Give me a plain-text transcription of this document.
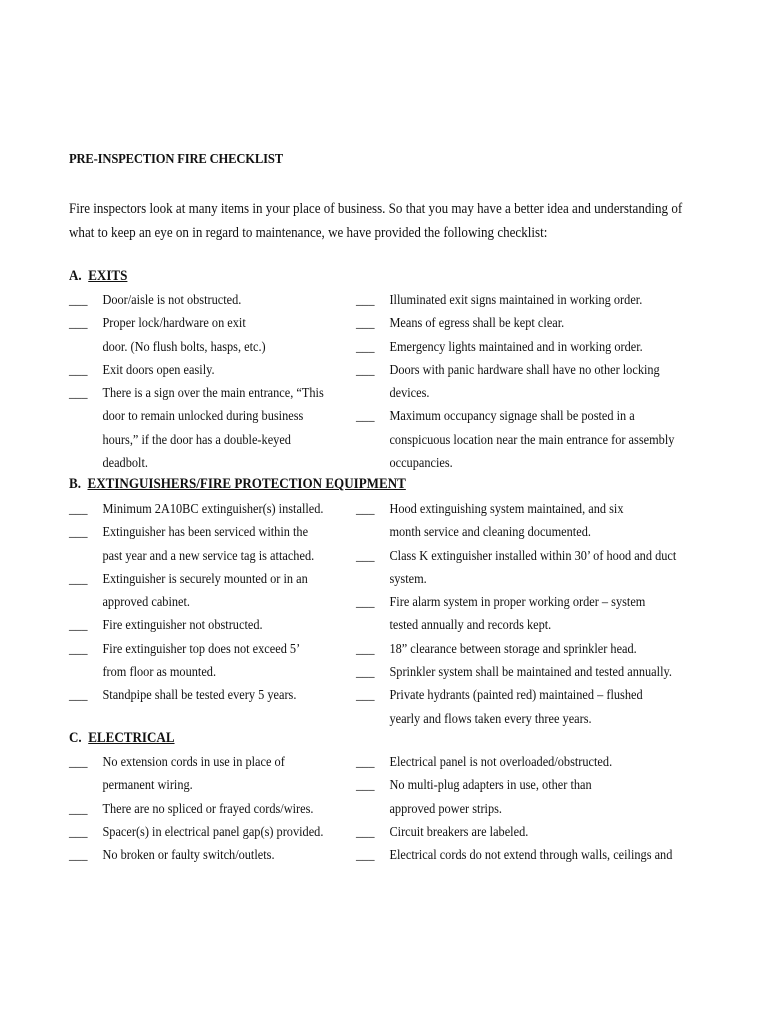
PRE-INSPECTION FIRE CHECKLIST
Fire inspectors look at many items in your place of business. So that you may have a better idea and understanding of what to keep an eye on in regard to maintenance, we have provided the following checklist:
A. EXITS
___	Door/aisle is not obstructed.
___	Proper lock/hardware on exit door. (No flush bolts, hasps, etc.)
___	Exit doors open easily.
___	There is a sign over the main entrance, “This door to remain unlocked during business hours,” if the door has a double-keyed deadbolt.
___	Illuminated exit signs maintained in working order.
___	Means of egress shall be kept clear.
___	Emergency lights maintained and in working order.
___	Doors with panic hardware shall have no other locking devices.
___	Maximum occupancy signage shall be posted in a conspicuous location near the main entrance for assembly occupancies.
B. EXTINGUISHERS/FIRE PROTECTION EQUIPMENT
___	Minimum 2A10BC extinguisher(s) installed.
___	Extinguisher has been serviced within the past year and a new service tag is attached.
___	Extinguisher is securely mounted or in an approved cabinet.
___	Fire extinguisher not obstructed.
___	Fire extinguisher top does not exceed 5’ from floor as mounted.
___	Standpipe shall be tested every 5 years.
___	Hood extinguishing system maintained, and six month service and cleaning documented.
___	Class K extinguisher installed within 30’ of hood and duct system.
___	Fire alarm system in proper working order – system tested annually and records kept.
___	18” clearance between storage and sprinkler head.
___	Sprinkler system shall be maintained and tested annually.
___	Private hydrants (painted red) maintained – flushed yearly and flows taken every three years.
C. ELECTRICAL
___	No extension cords in use in place of permanent wiring.
___	There are no spliced or frayed cords/wires.
___	Spacer(s) in electrical panel gap(s) provided.
___	No broken or faulty switch/outlets.
___	Electrical panel is not overloaded/obstructed.
___	No multi-plug adapters in use, other than approved power strips.
___	Circuit breakers are labeled.
___	Electrical cords do not extend through walls, ceilings and
